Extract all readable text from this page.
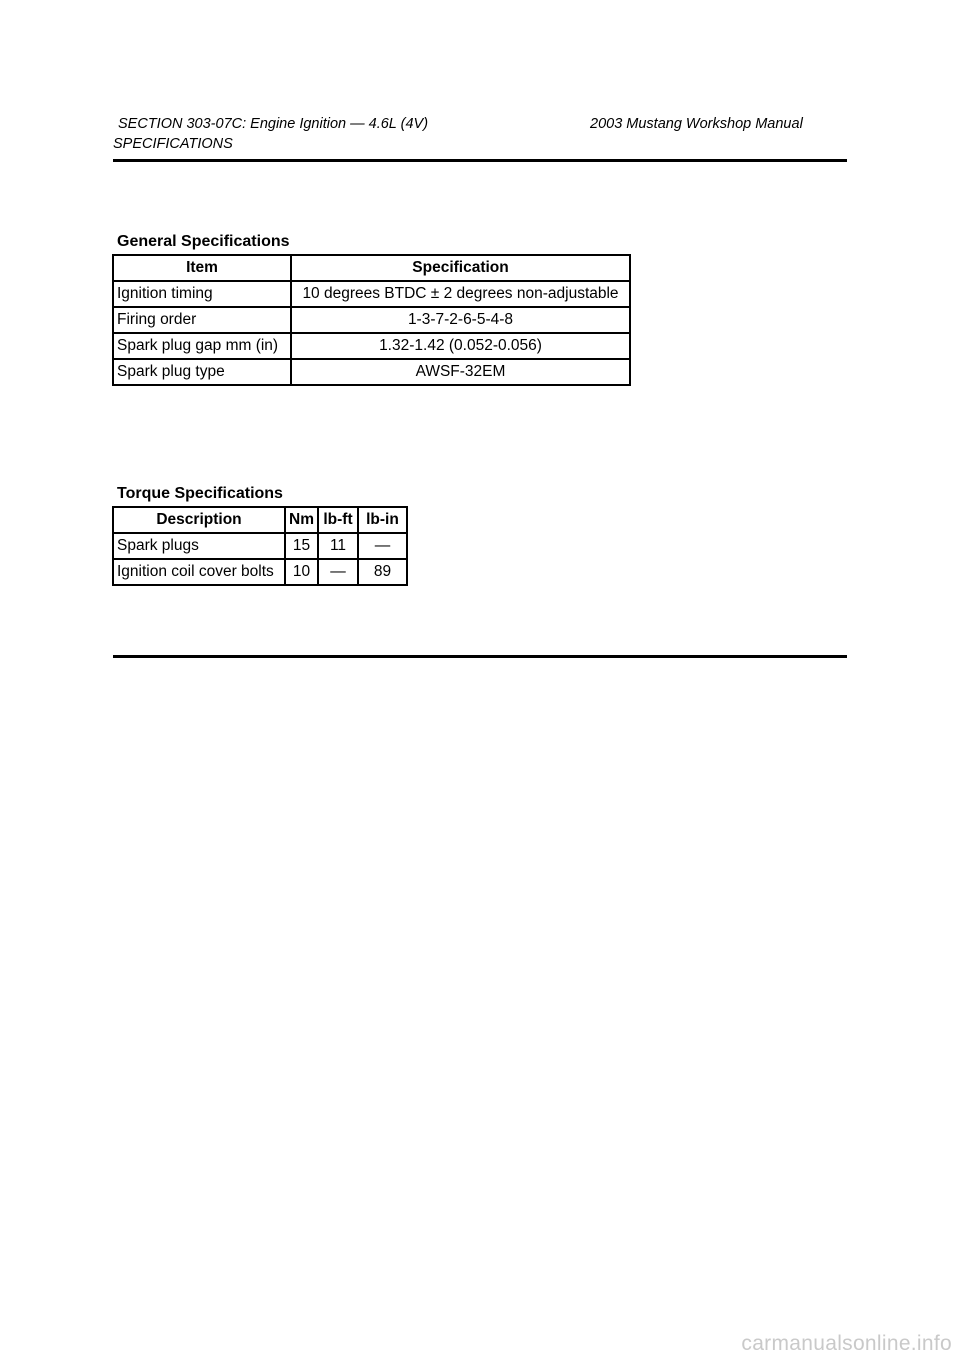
SECTION 303-07C: Engine Ignition — 4.6L (4V)	2003 Mustang Workshop Manual
SPECIFICATIONS
General Specifications
Item	Specification
Ignition timing	10 degrees BTDC ± 2 degrees non-adjustable
Firing order	1-3-7-2-6-5-4-8
Spark plug gap mm (in)	1.32-1.42 (0.052-0.056)
Spark plug type	AWSF-32EM
Torque Specifications
Description	Nm	lb-ft	lb-in
Spark plugs	15	11	—
Ignition coil cover bolts	10	—	89
carmanualsonline.info
